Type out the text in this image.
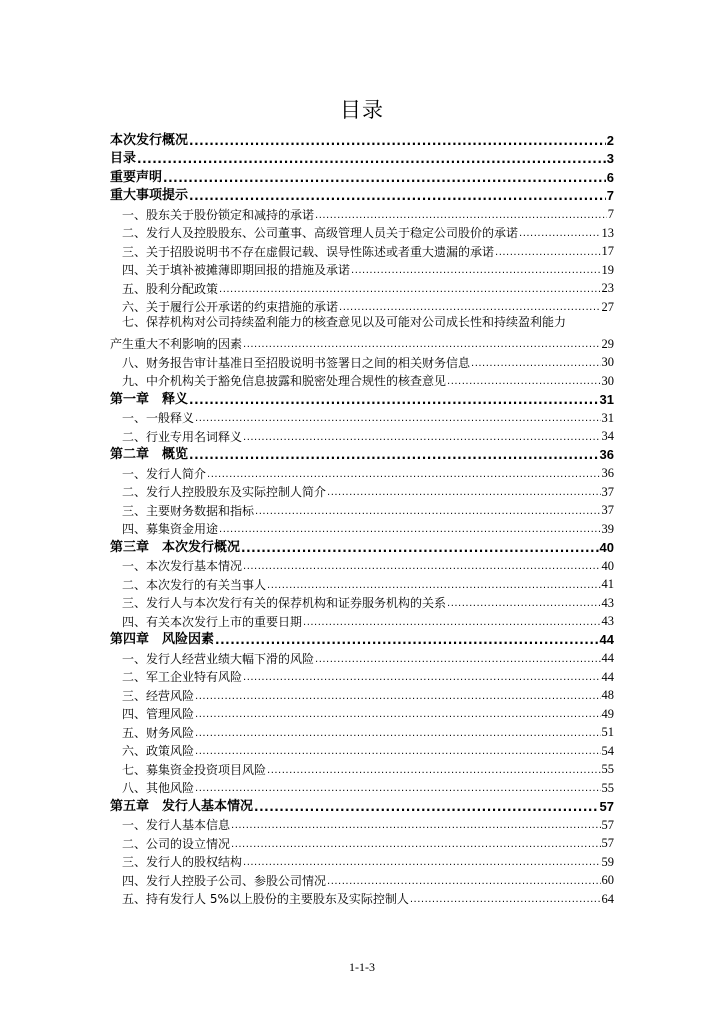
目录
本次发行概况 .....	2
目录 .....	3
重要声明 .....	6
重大事项提示 .....	7
一、股东关于股份锁定和减持的承诺 .....	7
二、发行人及控股股东、公司董事、高级管理人员关于稳定公司股价的承诺 .....	13
三、关于招股说明书不存在虚假记载、误导性陈述或者重大遗漏的承诺 .....	17
四、关于填补被摊薄即期回报的措施及承诺 .....	19
五、股利分配政策 .....	23
六、关于履行公开承诺的约束措施的承诺 .....	27
七、保荐机构对公司持续盈利能力的核查意见以及可能对公司成长性和持续盈利能力
产生重大不利影响的因素 .....	29
八、财务报告审计基准日至招股说明书签署日之间的相关财务信息 .....	30
九、中介机构关于豁免信息披露和脱密处理合规性的核查意见 .....	30
第一章　释义 .....	31
一、一般释义 .....	31
二、行业专用名词释义 .....	34
第二章　概览 .....	36
一、发行人简介 .....	36
二、发行人控股股东及实际控制人简介 .....	37
三、主要财务数据和指标 .....	37
四、募集资金用途 .....	39
第三章　本次发行概况 .....	40
一、本次发行基本情况 .....	40
二、本次发行的有关当事人 .....	41
三、发行人与本次发行有关的保荐机构和证券服务机构的关系 .....	43
四、有关本次发行上市的重要日期 .....	43
第四章　风险因素 .....	44
一、发行人经营业绩大幅下滑的风险 .....	44
二、军工企业特有风险 .....	44
三、经营风险 .....	48
四、管理风险 .....	49
五、财务风险 .....	51
六、政策风险 .....	54
七、募集资金投资项目风险 .....	55
八、其他风险 .....	55
第五章　发行人基本情况 .....	57
一、发行人基本信息 .....	57
二、公司的设立情况 .....	57
三、发行人的股权结构 .....	59
四、发行人控股子公司、参股公司情况 .....	60
五、持有发行人 5%以上股份的主要股东及实际控制人 .....	64
1-1-3
